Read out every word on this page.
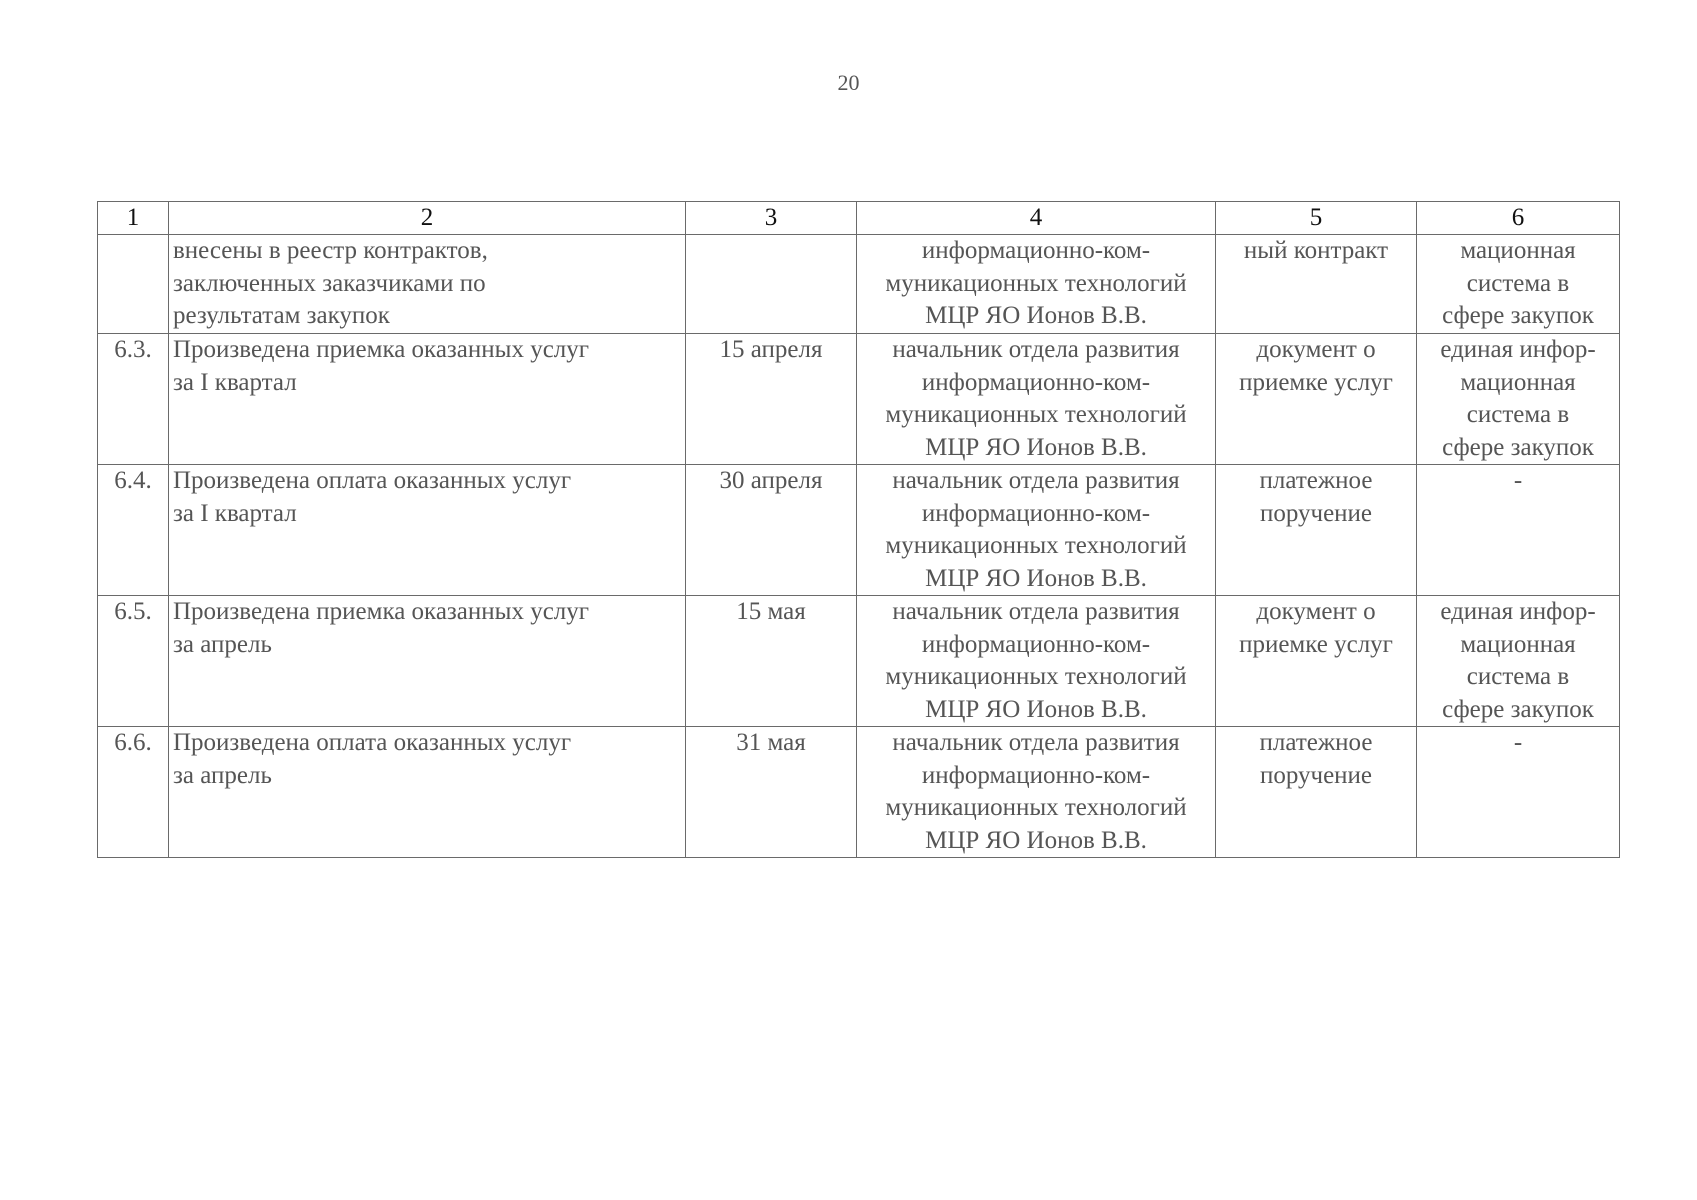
20
1	2	3	4	5	6

	внесены в реестр контрактов,
заключенных заказчиками по
результатам закупок		информационно-ком-
муникационных технологий
МЦР ЯО Ионов В.В.	ный контракт	мационная
система в
сфере закупок

6.3.	Произведена приемка оказанных услуг
за I квартал	15 апреля	начальник отдела развития
информационно-ком-
муникационных технологий
МЦР ЯО Ионов В.В.	документ о
приемке услуг	единая инфор-
мационная
система в
сфере закупок

6.4.	Произведена оплата оказанных услуг
за I квартал	30 апреля	начальник отдела развития
информационно-ком-
муникационных технологий
МЦР ЯО Ионов В.В.	платежное
поручение	-

6.5.	Произведена приемка оказанных услуг
за апрель	15 мая	начальник отдела развития
информационно-ком-
муникационных технологий
МЦР ЯО Ионов В.В.	документ о
приемке услуг	единая инфор-
мационная
система в
сфере закупок

6.6.	Произведена оплата оказанных услуг
за апрель	31 мая	начальник отдела развития
информационно-ком-
муникационных технологий
МЦР ЯО Ионов В.В.	платежное
поручение	-
